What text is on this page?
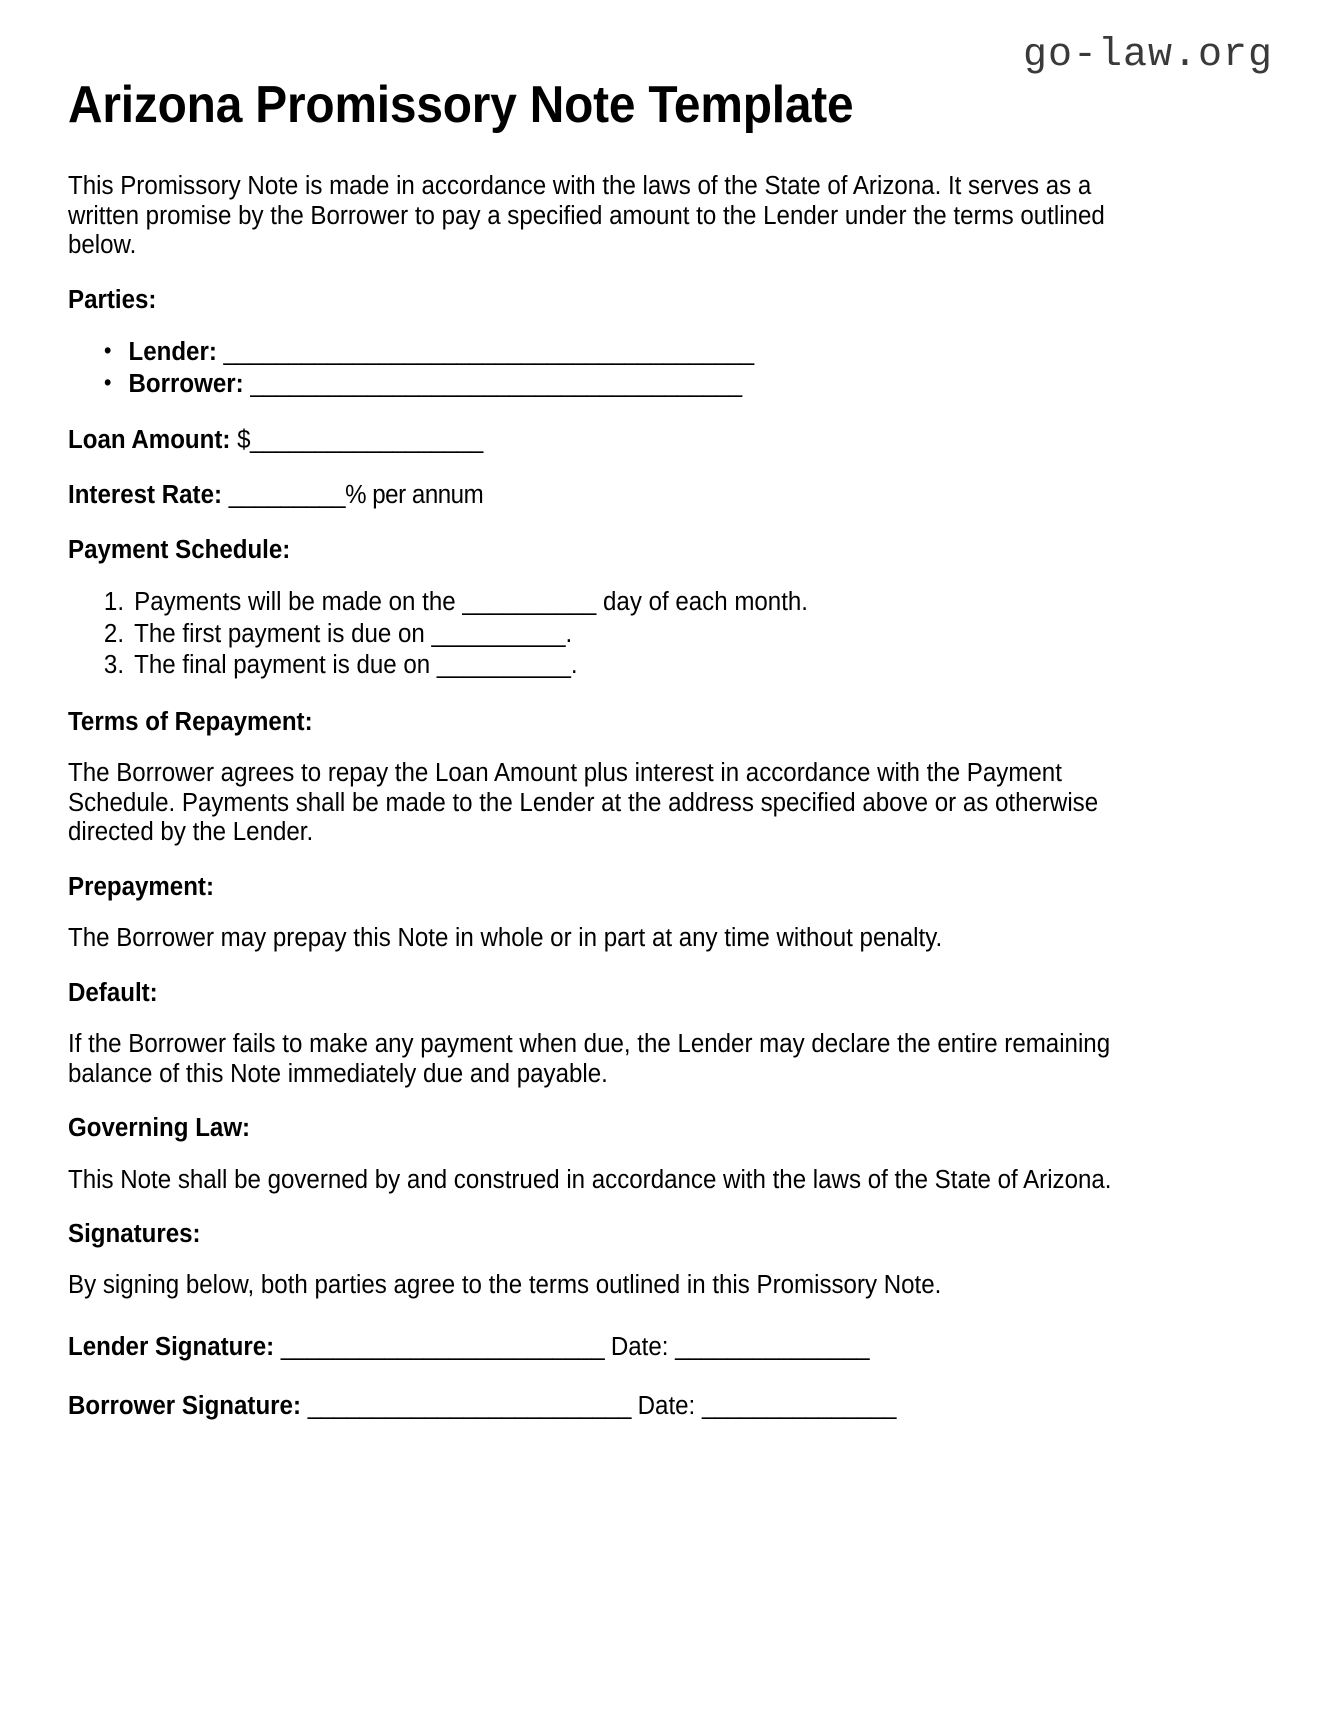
go-law.org
Arizona Promissory Note Template

This Promissory Note is made in accordance with the laws of the State of Arizona. It serves as a written promise by the Borrower to pay a specified amount to the Lender under the terms outlined below.

Parties:
• Lender: _________________________________________
• Borrower: ______________________________________

Loan Amount: $__________________

Interest Rate: _________% per annum

Payment Schedule:
Payments will be made on the __________ day of each month.
The first payment is due on __________.
The final payment is due on __________.
Terms of Repayment:

The Borrower agrees to repay the Loan Amount plus interest in accordance with the Payment Schedule. Payments shall be made to the Lender at the address specified above or as otherwise directed by the Lender.

Prepayment:

The Borrower may prepay this Note in whole or in part at any time without penalty.

Default:

If the Borrower fails to make any payment when due, the Lender may declare the entire remaining balance of this Note immediately due and payable.

Governing Law:

This Note shall be governed by and construed in accordance with the laws of the State of Arizona.

Signatures:

By signing below, both parties agree to the terms outlined in this Promissory Note.

Lender Signature: _________________________ Date: _______________

Borrower Signature: _________________________ Date: _______________
